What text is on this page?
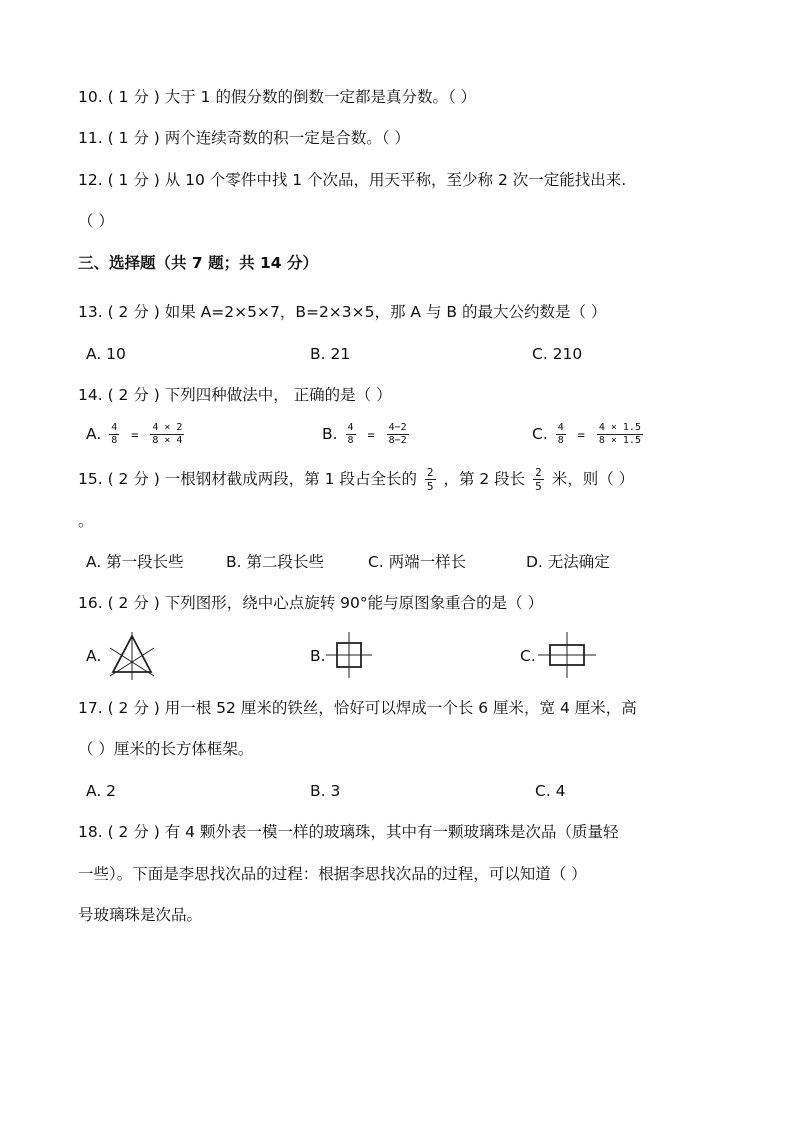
10. ( 1 分 ) 大于 1 的假分数的倒数一定都是真分数。（ ）
11. ( 1 分 ) 两个连续奇数的积一定是合数。（ ）
12. ( 1 分 ) 从 10 个零件中找 1 个次品，用天平称，至少称 2 次一定能找出来.
（ ）
三、选择题（共 7 题；共 14 分）
13. ( 2 分 ) 如果 A=2×5×7，B=2×3×5，那 A 与 B 的最大公约数是（ ）
A. 10	B. 21	C. 210
14. ( 2 分 ) 下列四种做法中， 正确的是（ ）
A. $\frac{4}{8} = \frac{4 \times 2}{8 \times 4}$	B. $\frac{4}{8} = \frac{4-2}{8-2}$	C. $\frac{4}{8} = \frac{4 \times 1.5}{8 \times 1.5}$
15. ( 2 分 ) 一根钢材截成两段，第 1 段占全长的 $\frac{2}{5}$ ，第 2 段长 $\frac{2}{5}$ 米，则（ ）
。
A. 第一段长些	B. 第二段长些	C. 两端一样长	D. 无法确定
16. ( 2 分 ) 下列图形，绕中心点旋转 90°能与原图象重合的是（ ）
A.	B.	C.
17. ( 2 分 ) 用一根 52 厘米的铁丝，恰好可以焊成一个长 6 厘米，宽 4 厘米，高
（ ）厘米的长方体框架。
A. 2	B. 3	C. 4
18. ( 2 分 ) 有 4 颗外表一模一样的玻璃珠，其中有一颗玻璃珠是次品（质量轻
一些）。下面是李思找次品的过程：根据李思找次品的过程，可以知道（ ）
号玻璃珠是次品。
